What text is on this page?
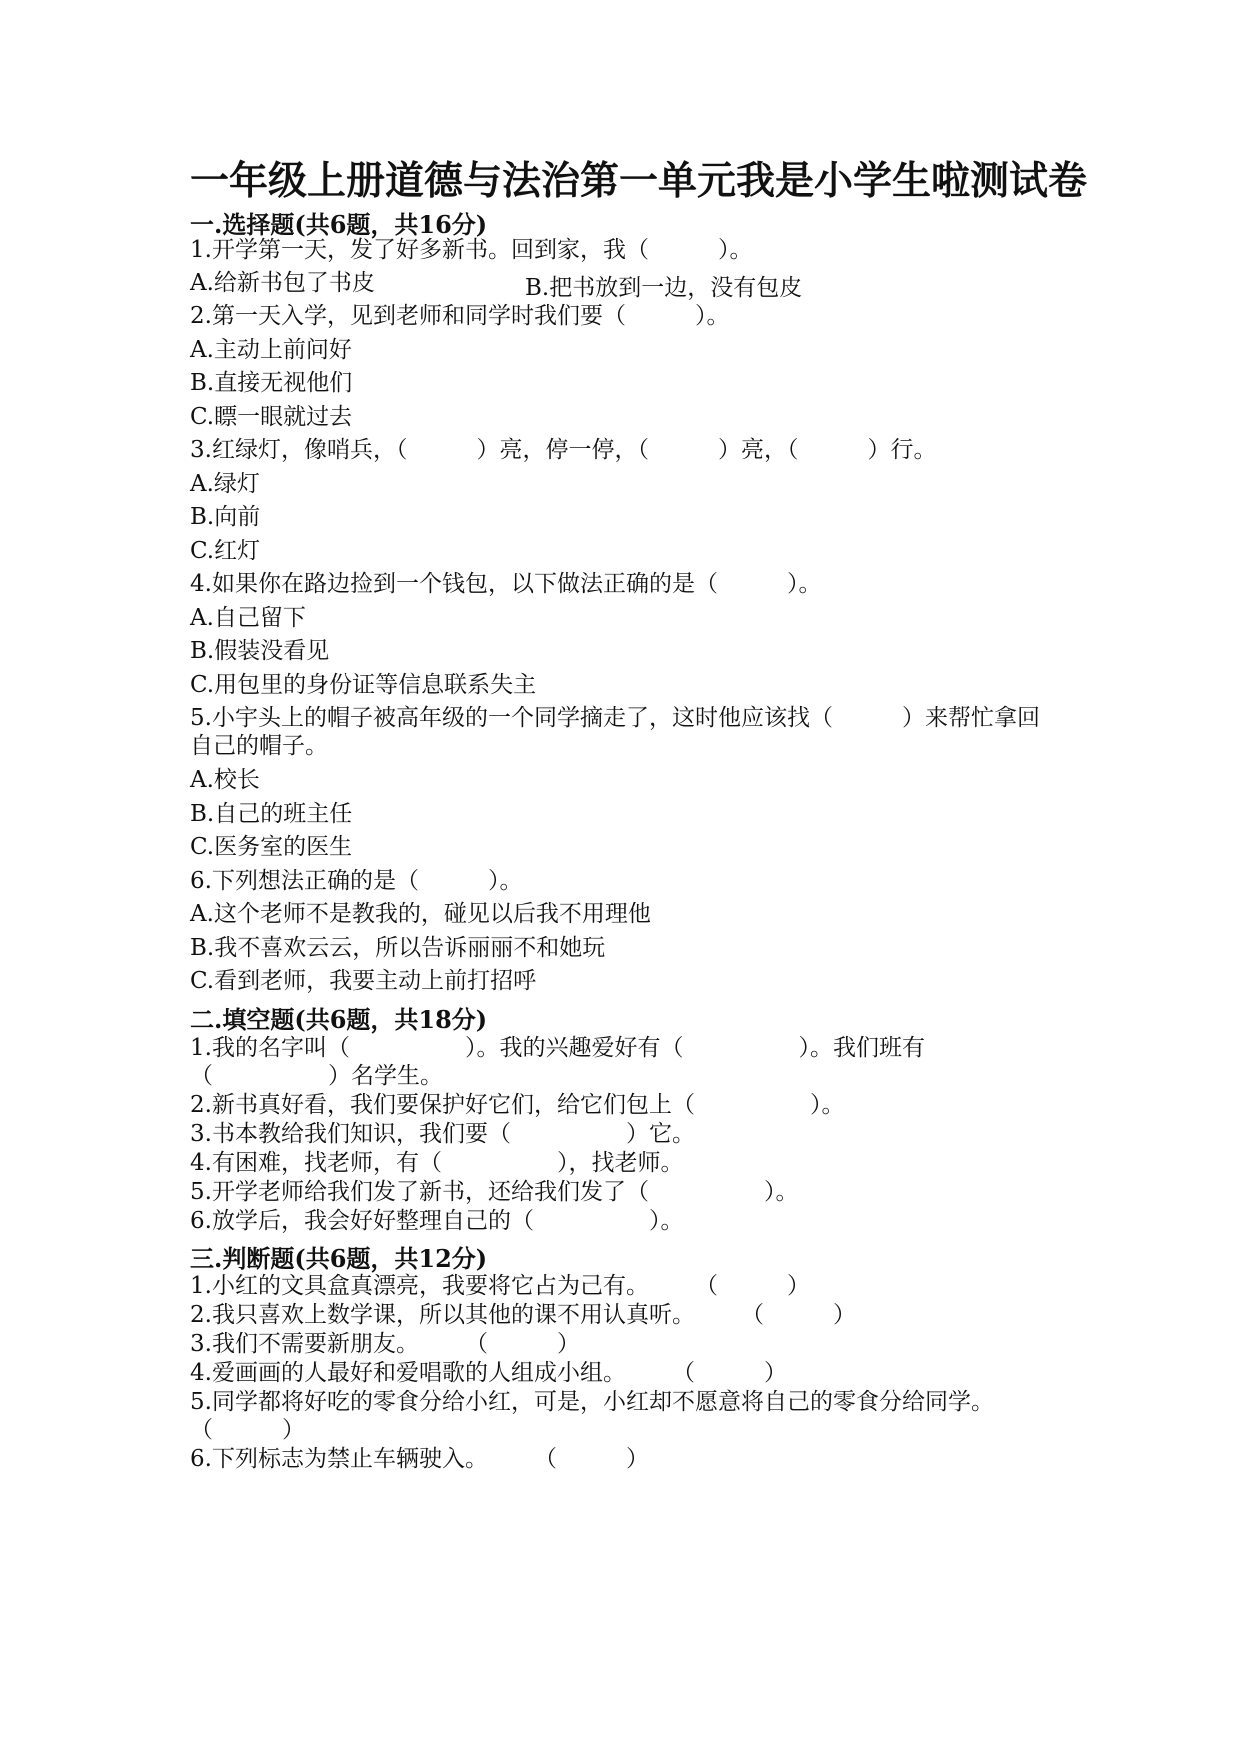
一年级上册道德与法治第一单元我是小学生啦测试卷
一.选择题(共6题，共16分)
1.开学第一天，发了好多新书。回到家，我（　　　）。
A.给新书包了书皮	B.把书放到一边，没有包皮
2.第一天入学，见到老师和同学时我们要（　　　）。
A.主动上前问好
B.直接无视他们
C.瞟一眼就过去
3.红绿灯，像哨兵，（　　　）亮，停一停，（　　　）亮，（　　　）行。
A.绿灯
B.向前
C.红灯
4.如果你在路边捡到一个钱包，以下做法正确的是（　　　）。
A.自己留下
B.假装没看见
C.用包里的身份证等信息联系失主
5.小宇头上的帽子被高年级的一个同学摘走了，这时他应该找（　　　）来帮忙拿回自己的帽子。
A.校长
B.自己的班主任
C.医务室的医生
6.下列想法正确的是（　　　）。
A.这个老师不是教我的，碰见以后我不用理他
B.我不喜欢云云，所以告诉丽丽不和她玩
C.看到老师，我要主动上前打招呼
二.填空题(共6题，共18分)
1.我的名字叫（　　　　　）。我的兴趣爱好有（　　　　　）。我们班有（　　　　　）名学生。
2.新书真好看，我们要保护好它们，给它们包上（　　　　　）。
3.书本教给我们知识，我们要（　　　　　）它。
4.有困难，找老师，有（　　　　　），找老师。
5.开学老师给我们发了新书，还给我们发了（　　　　　）。
6.放学后，我会好好整理自己的（　　　　　）。
三.判断题(共6题，共12分)
1.小红的文具盒真漂亮，我要将它占为己有。　　　（　　　）
2.我只喜欢上数学课，所以其他的课不用认真听。　　　（　　　）
3.我们不需要新朋友。　　　（　　　）
4.爱画画的人最好和爱唱歌的人组成小组。　　　（　　　）
5.同学都将好吃的零食分给小红，可是，小红却不愿意将自己的零食分给同学。　　　（　　　）
6.下列标志为禁止车辆驶入。　　　（　　　）
